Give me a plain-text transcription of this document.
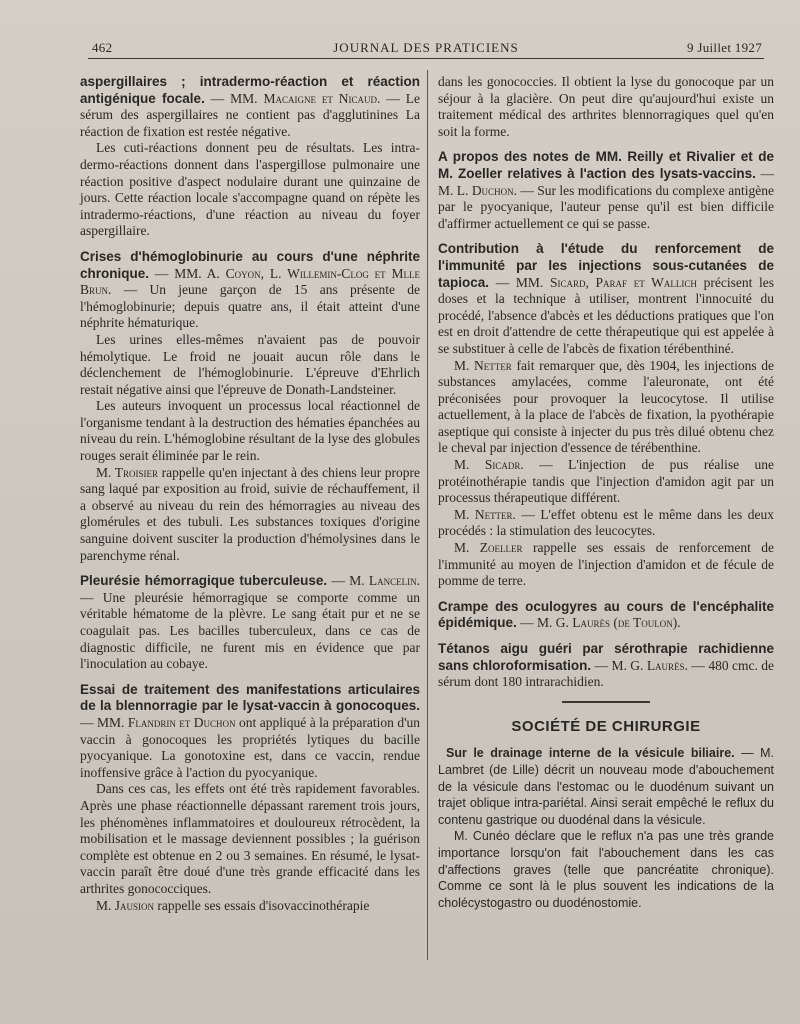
462	JOURNAL DES PRATICIENS	9 Juillet 1927

aspergillaires ; intradermo-réaction et réaction antigénique focale. — MM. Macaigne et Nicaud. — Le sérum des aspergillaires ne contient pas d'agglutinines La réaction de fixation est restée négative.

Les cuti-réactions donnent peu de résultats. Les intra-dermo-réactions donnent dans l'aspergillose pulmonaire une réaction positive d'aspect nodulaire durant une quinzaine de jours. Cette réaction locale s'accompagne quand on répète les intradermo-réactions, d'une réaction au niveau du foyer aspergillaire.

Crises d'hémoglobinurie au cours d'une néphrite chronique. — MM. A. Coyon, L. Willemin-Clog et Mlle Brun. — Un jeune garçon de 15 ans présente de l'hémoglobinurie; depuis quatre ans, il était atteint d'une néphrite hématurique.

Les urines elles-mêmes n'avaient pas de pouvoir hémolytique. Le froid ne jouait aucun rôle dans le déclenchement de l'hémoglobinurie. L'épreuve d'Ehrlich restait négative ainsi que l'épreuve de Donath-Landsteiner.

Les auteurs invoquent un processus local réactionnel de l'organisme tendant à la destruction des hématies épanchées au niveau du rein. L'hémoglobine résultant de la lyse des globules rouges serait éliminée par le rein.

M. Troisier rappelle qu'en injectant à des chiens leur propre sang laqué par exposition au froid, suivie de réchauffement, il a observé au niveau du rein des hémorragies au niveau des glomérules et des tubuli. Les substances toxiques d'origine sanguine doivent susciter la production d'hémolysines dans le parenchyme rénal.

Pleurésie hémorragique tuberculeuse. — M. Lancelin. — Une pleurésie hémorragique se comporte comme un véritable hématome de la plèvre. Le sang était pur et ne se coagulait pas. Les bacilles tuberculeux, dans ce cas de diagnostic difficile, ne furent mis en évidence que par l'inoculation au cobaye.

Essai de traitement des manifestations articulaires de la blennorragie par le lysat-vaccin à gonocoques. — MM. Flandrin et Duchon ont appliqué à la préparation d'un vaccin à gonocoques les propriétés lytiques du bacille pyocyanique. La gonotoxine est, dans ce vaccin, rendue inoffensive grâce à l'action du pyocyanique.

Dans ces cas, les effets ont été très rapidement favorables. Après une phase réactionnelle dépassant rarement trois jours, les phénomènes inflammatoires et douloureux rétrocèdent, la mobilisation et le massage deviennent possibles ; la guérison complète est obtenue en 2 ou 3 semaines. En résumé, le lysat-vaccin paraît être doué d'une très grande efficacité dans les arthrites gonococciques.

M. Jausion rappelle ses essais d'isovaccinothérapie

dans les gonococcies. Il obtient la lyse du gonocoque par un séjour à la glacière. On peut dire qu'aujourd'hui existe un traitement médical des arthrites blennorragiques quel qu'en soit la forme.

A propos des notes de MM. Reilly et Rivalier et de M. Zoeller relatives à l'action des lysats-vaccins. — M. L. Duchon. — Sur les modifications du complexe antigène par le pyocyanique, l'auteur pense qu'il est bien difficile d'affirmer actuellement ce qui se passe.

Contribution à l'étude du renforcement de l'immunité par les injections sous-cutanées de tapioca. — MM. Sicard, Paraf et Wallich précisent les doses et la technique à utiliser, montrent l'innocuité du procédé, l'absence d'abcès et les déductions pratiques que l'on est en droit d'attendre de cette thérapeutique qui est appelée à se substituer à celle de l'abcès de fixation térébenthiné.

M. Netter fait remarquer que, dès 1904, les injections de substances amylacées, comme l'aleuronate, ont été préconisées pour provoquer la leucocytose. Il utilise actuellement, à la place de l'abcès de fixation, la pyothérapie aseptique qui consiste à injecter du pus très dilué obtenu chez le cheval par injection d'essence de térébenthine.

M. Sicadr. — L'injection de pus réalise une protéinothérapie tandis que l'injection d'amidon agit par un processus thérapeutique différent.

M. Netter. — L'effet obtenu est le même dans les deux procédés : la stimulation des leucocytes.

M. Zoeller rappelle ses essais de renforcement de l'immunité au moyen de l'injection d'amidon et de fécule de pomme de terre.

Crampe des oculogyres au cours de l'encéphalite épidémique. — M. G. Laurès (de Toulon).

Tétanos aigu guéri par sérothrapie rachidienne sans chloroformisation. — M. G. Laurès. — 480 cmc. de sérum dont 180 intrarachidien.

SOCIÉTÉ DE CHIRURGIE

Sur le drainage interne de la vésicule biliaire. — M. Lambret (de Lille) décrit un nouveau mode d'abouchement de la vésicule dans l'estomac ou le duodénum suivant un trajet oblique intra-pariétal. Ainsi serait empêché le reflux du contenu gastrique ou duodénal dans la vésicule.

M. Cunéo déclare que le reflux n'a pas une très grande importance lorsqu'on fait l'abouchement dans les cas d'affections graves (telle que pancréatite chronique). Comme ce sont là le plus souvent les indications de la cholécystogastro ou duodénostomie.
